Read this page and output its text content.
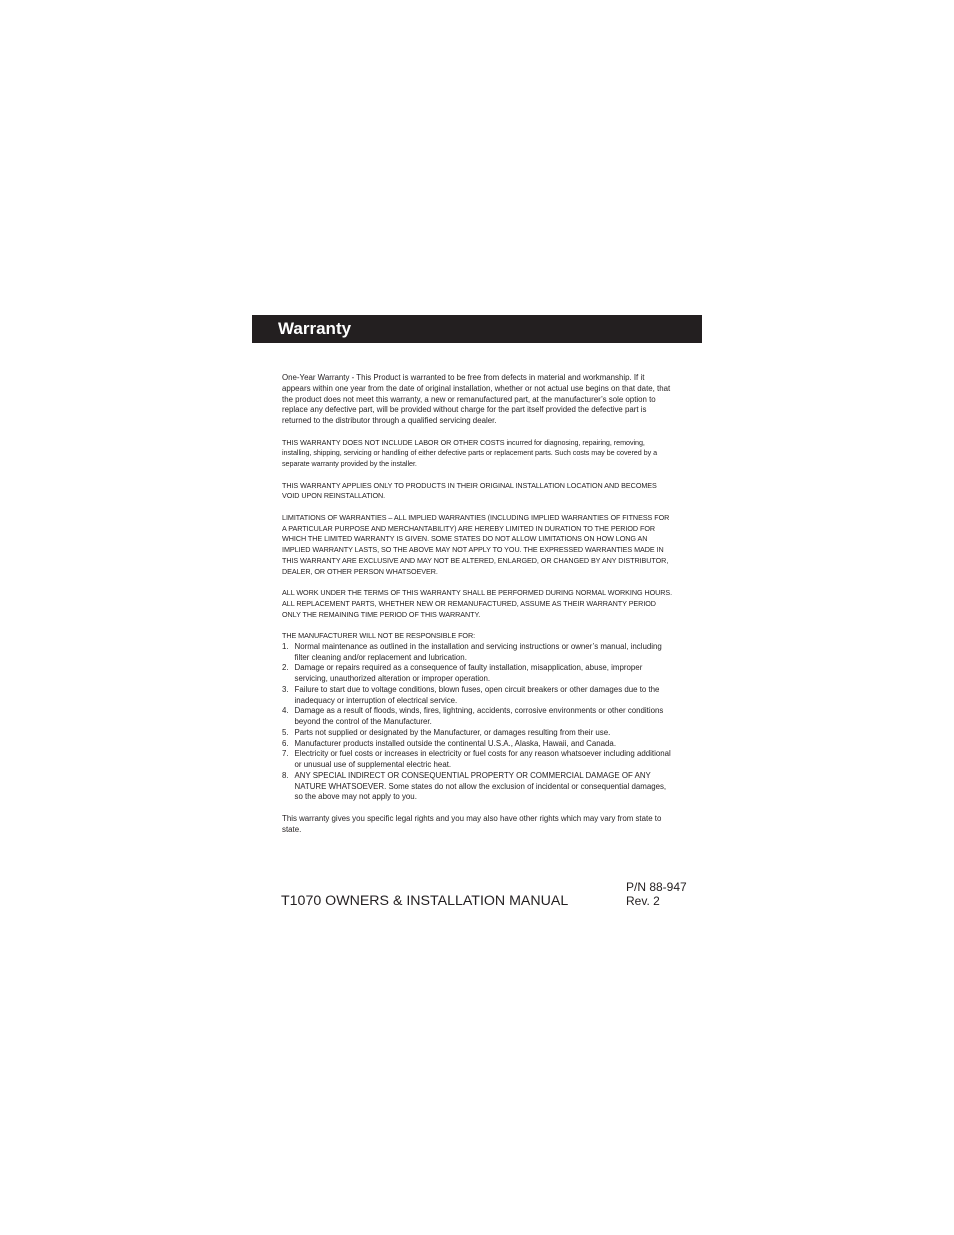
Warranty

One-Year Warranty - This Product is warranted to be free from defects in material and workmanship. If it appears within one year from the date of original installation, whether or not actual use begins on that date, that the product does not meet this warranty, a new or remanufactured part, at the manufacturer’s sole option to replace any defective part, will be provided without charge for the part itself provided the defective part is returned to the distributor through a qualified servicing dealer.

THIS WARRANTY DOES NOT INCLUDE LABOR OR OTHER COSTS incurred for diagnosing, repairing, removing, installing, shipping, servicing or handling of either defective parts or replacement parts. Such costs may be covered by a separate warranty provided by the installer.

THIS WARRANTY APPLIES ONLY TO PRODUCTS IN THEIR ORIGINAL INSTALLATION LOCATION AND BECOMES VOID UPON REINSTALLATION.

LIMITATIONS OF WARRANTIES – ALL IMPLIED WARRANTIES (INCLUDING IMPLIED WARRANTIES OF FITNESS FOR A PARTICULAR PURPOSE AND MERCHANTABILITY) ARE HEREBY LIMITED IN DURATION TO THE PERIOD FOR WHICH THE LIMITED WARRANTY IS GIVEN. SOME STATES DO NOT ALLOW LIMITATIONS ON HOW LONG AN IMPLIED WARRANTY LASTS, SO THE ABOVE MAY NOT APPLY TO YOU. THE EXPRESSED WARRANTIES MADE IN THIS WARRANTY ARE EXCLUSIVE AND MAY NOT BE ALTERED, ENLARGED, OR CHANGED BY ANY DISTRIBUTOR, DEALER, OR OTHER PERSON WHATSOEVER.

ALL WORK UNDER THE TERMS OF THIS WARRANTY SHALL BE PERFORMED DURING NORMAL WORKING HOURS. ALL REPLACEMENT PARTS, WHETHER NEW OR REMANUFACTURED, ASSUME AS THEIR WARRANTY PERIOD ONLY THE REMAINING TIME PERIOD OF THIS WARRANTY.

THE MANUFACTURER WILL NOT BE RESPONSIBLE FOR:
1. Normal maintenance as outlined in the installation and servicing instructions or owner’s manual, including filter cleaning and/or replacement and lubrication.
2. Damage or repairs required as a consequence of faulty installation, misapplication, abuse, improper servicing, unauthorized alteration or improper operation.
3. Failure to start due to voltage conditions, blown fuses, open circuit breakers or other damages due to the inadequacy or interruption of electrical service.
4. Damage as a result of floods, winds, fires, lightning, accidents, corrosive environments or other conditions beyond the control of the Manufacturer.
5. Parts not supplied or designated by the Manufacturer, or damages resulting from their use.
6. Manufacturer products installed outside the continental U.S.A., Alaska, Hawaii, and Canada.
7. Electricity or fuel costs or increases in electricity or fuel costs for any reason whatsoever including additional or unusual use of supplemental electric heat.
8. ANY SPECIAL INDIRECT OR CONSEQUENTIAL PROPERTY OR COMMERCIAL DAMAGE OF ANY NATURE WHATSOEVER. Some states do not allow the exclusion of incidental or consequential damages, so the above may not apply to you.

This warranty gives you specific legal rights and you may also have other rights which may vary from state to state.

P/N 88-947
Rev. 2
T1070 OWNERS & INSTALLATION MANUAL
